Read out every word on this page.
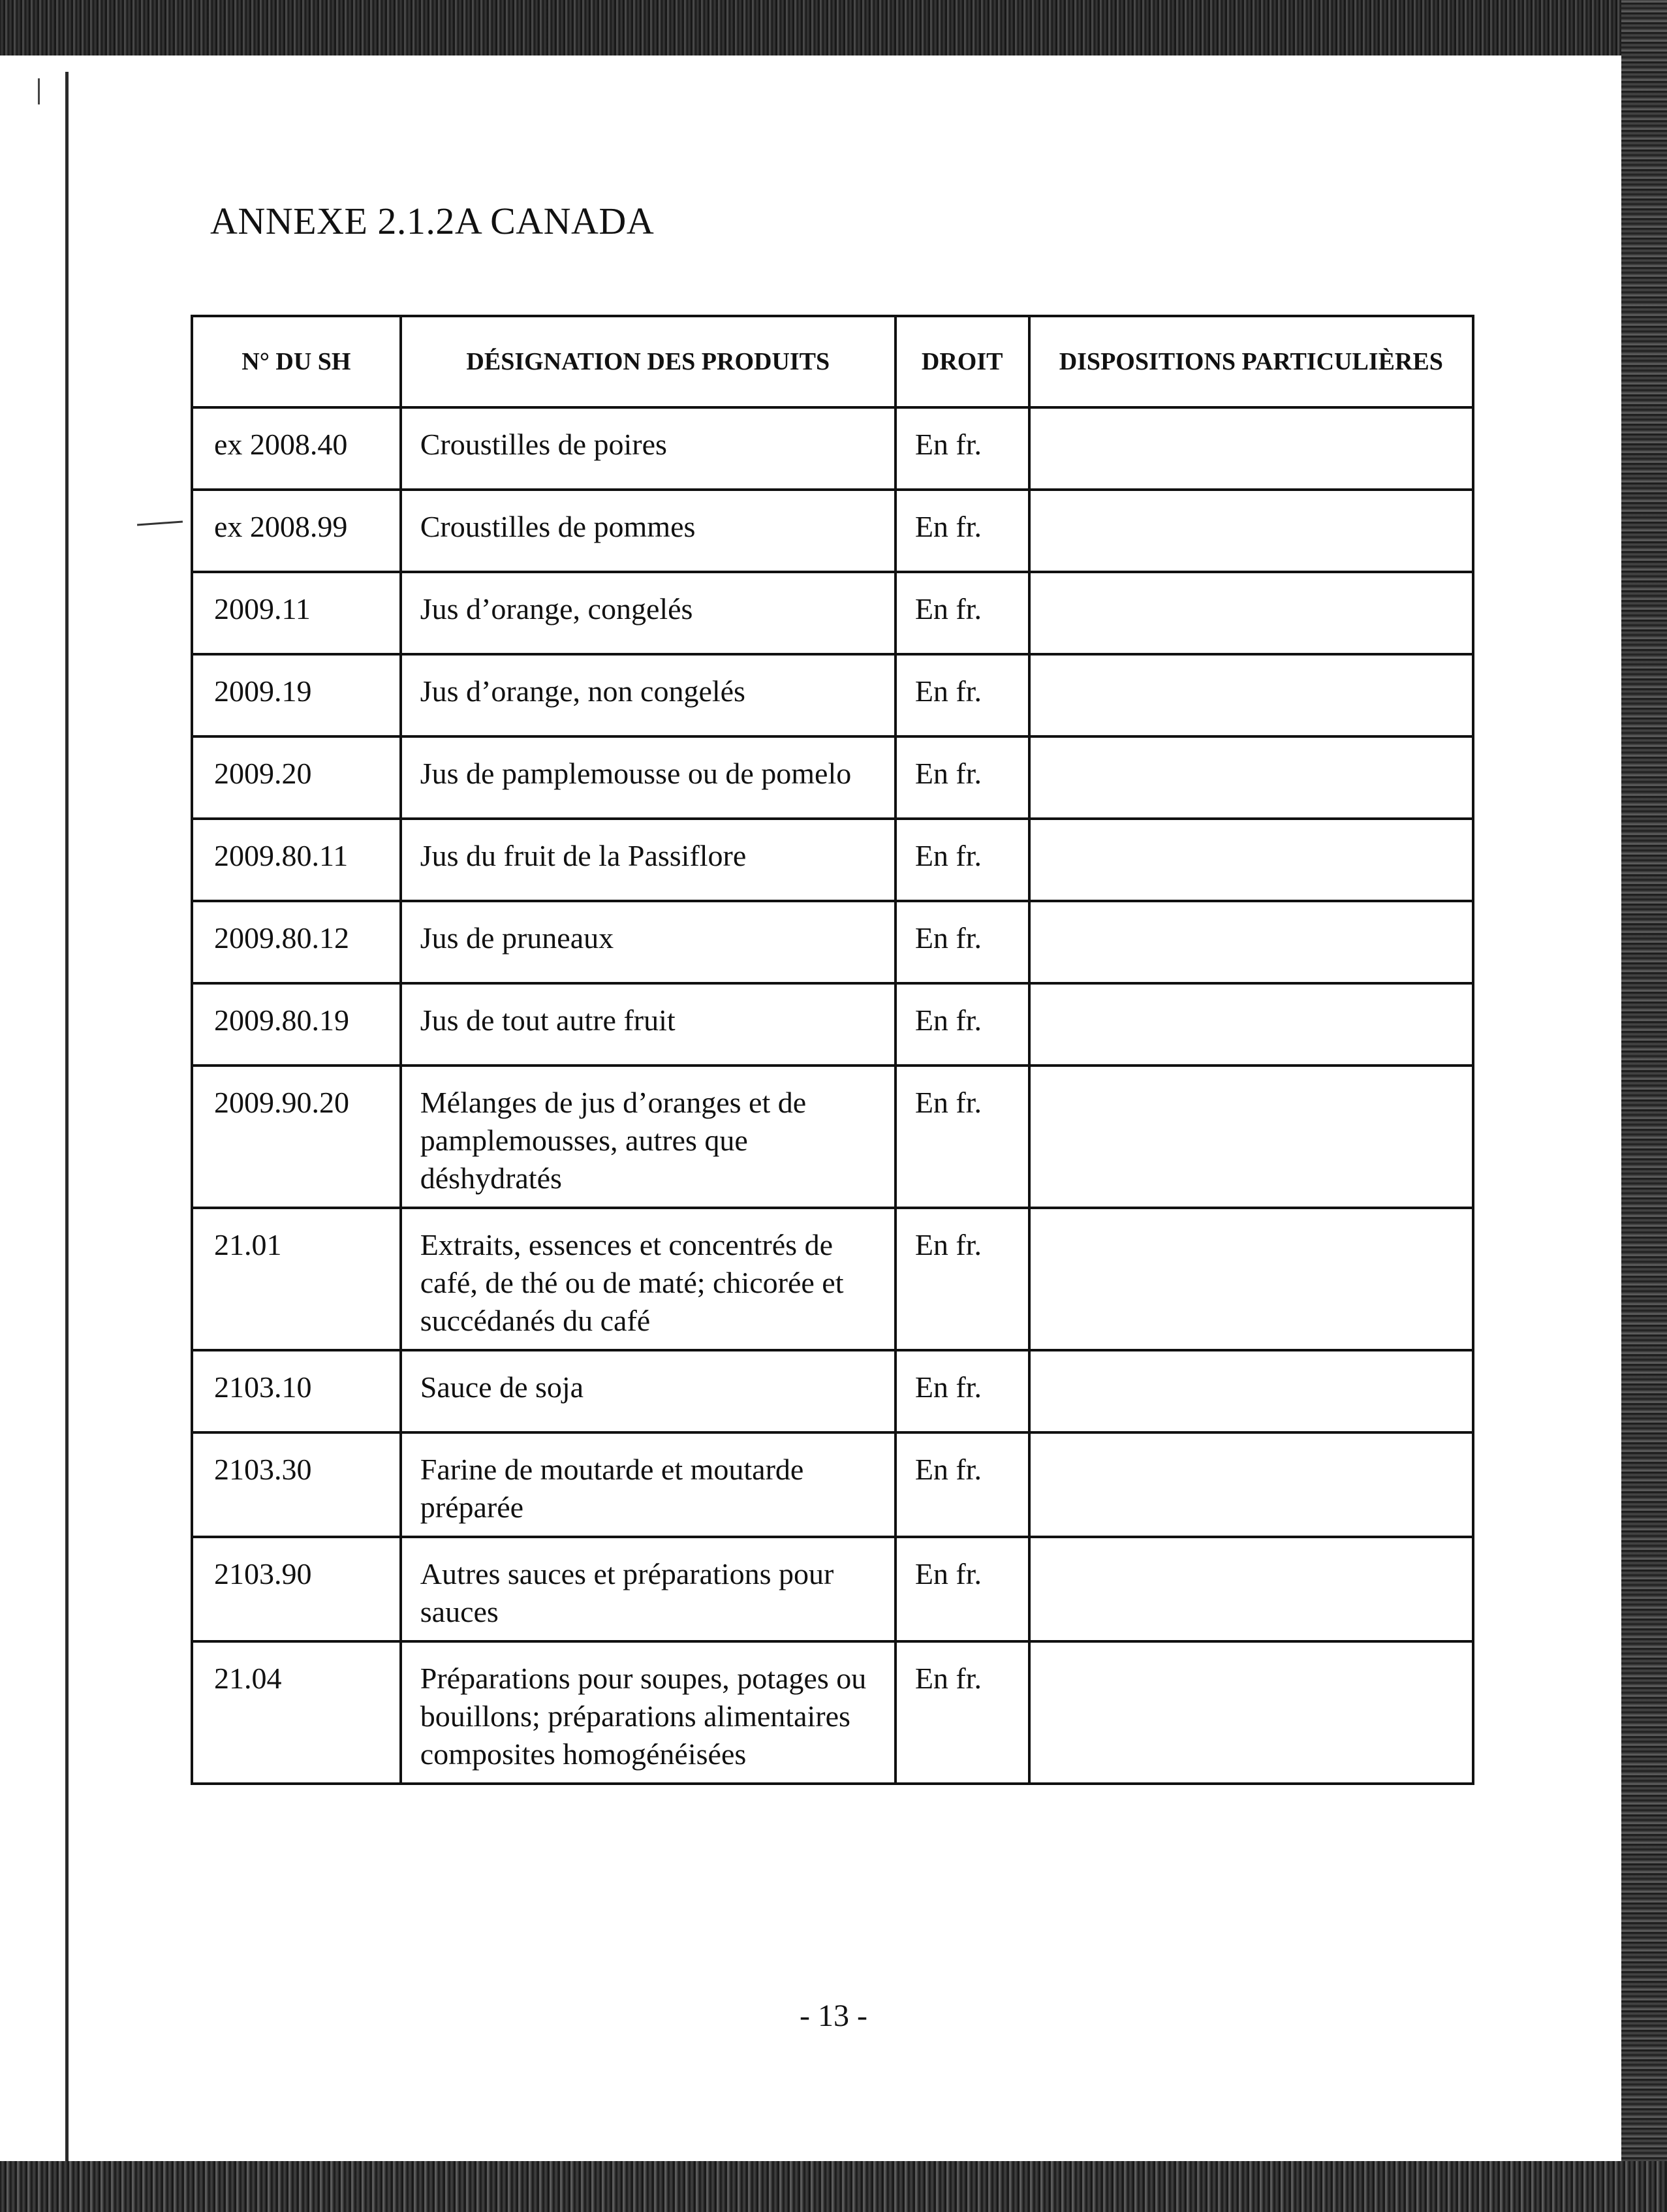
ANNEXE 2.1.2A CANADA
N° DU SH	DÉSIGNATION DES PRODUITS	DROIT	DISPOSITIONS PARTICULIÈRES
ex 2008.40	Croustilles de poires	En fr.	
ex 2008.99	Croustilles de pommes	En fr.	
2009.11	Jus d’orange, congelés	En fr.	
2009.19	Jus d’orange, non congelés	En fr.	
2009.20	Jus de pamplemousse ou de pomelo	En fr.	
2009.80.11	Jus du fruit de la Passiflore	En fr.	
2009.80.12	Jus de pruneaux	En fr.	
2009.80.19	Jus de tout autre fruit	En fr.	
2009.90.20	Mélanges de jus d’oranges et de pamplemousses, autres que déshydratés	En fr.	
21.01	Extraits, essences et concentrés de café, de thé ou de maté; chicorée et succédanés du café	En fr.	
2103.10	Sauce de soja	En fr.	
2103.30	Farine de moutarde et moutarde préparée	En fr.	
2103.90	Autres sauces et préparations pour sauces	En fr.	
21.04	Préparations pour soupes, potages ou bouillons; préparations alimentaires composites homogénéisées	En fr.	
- 13 -
